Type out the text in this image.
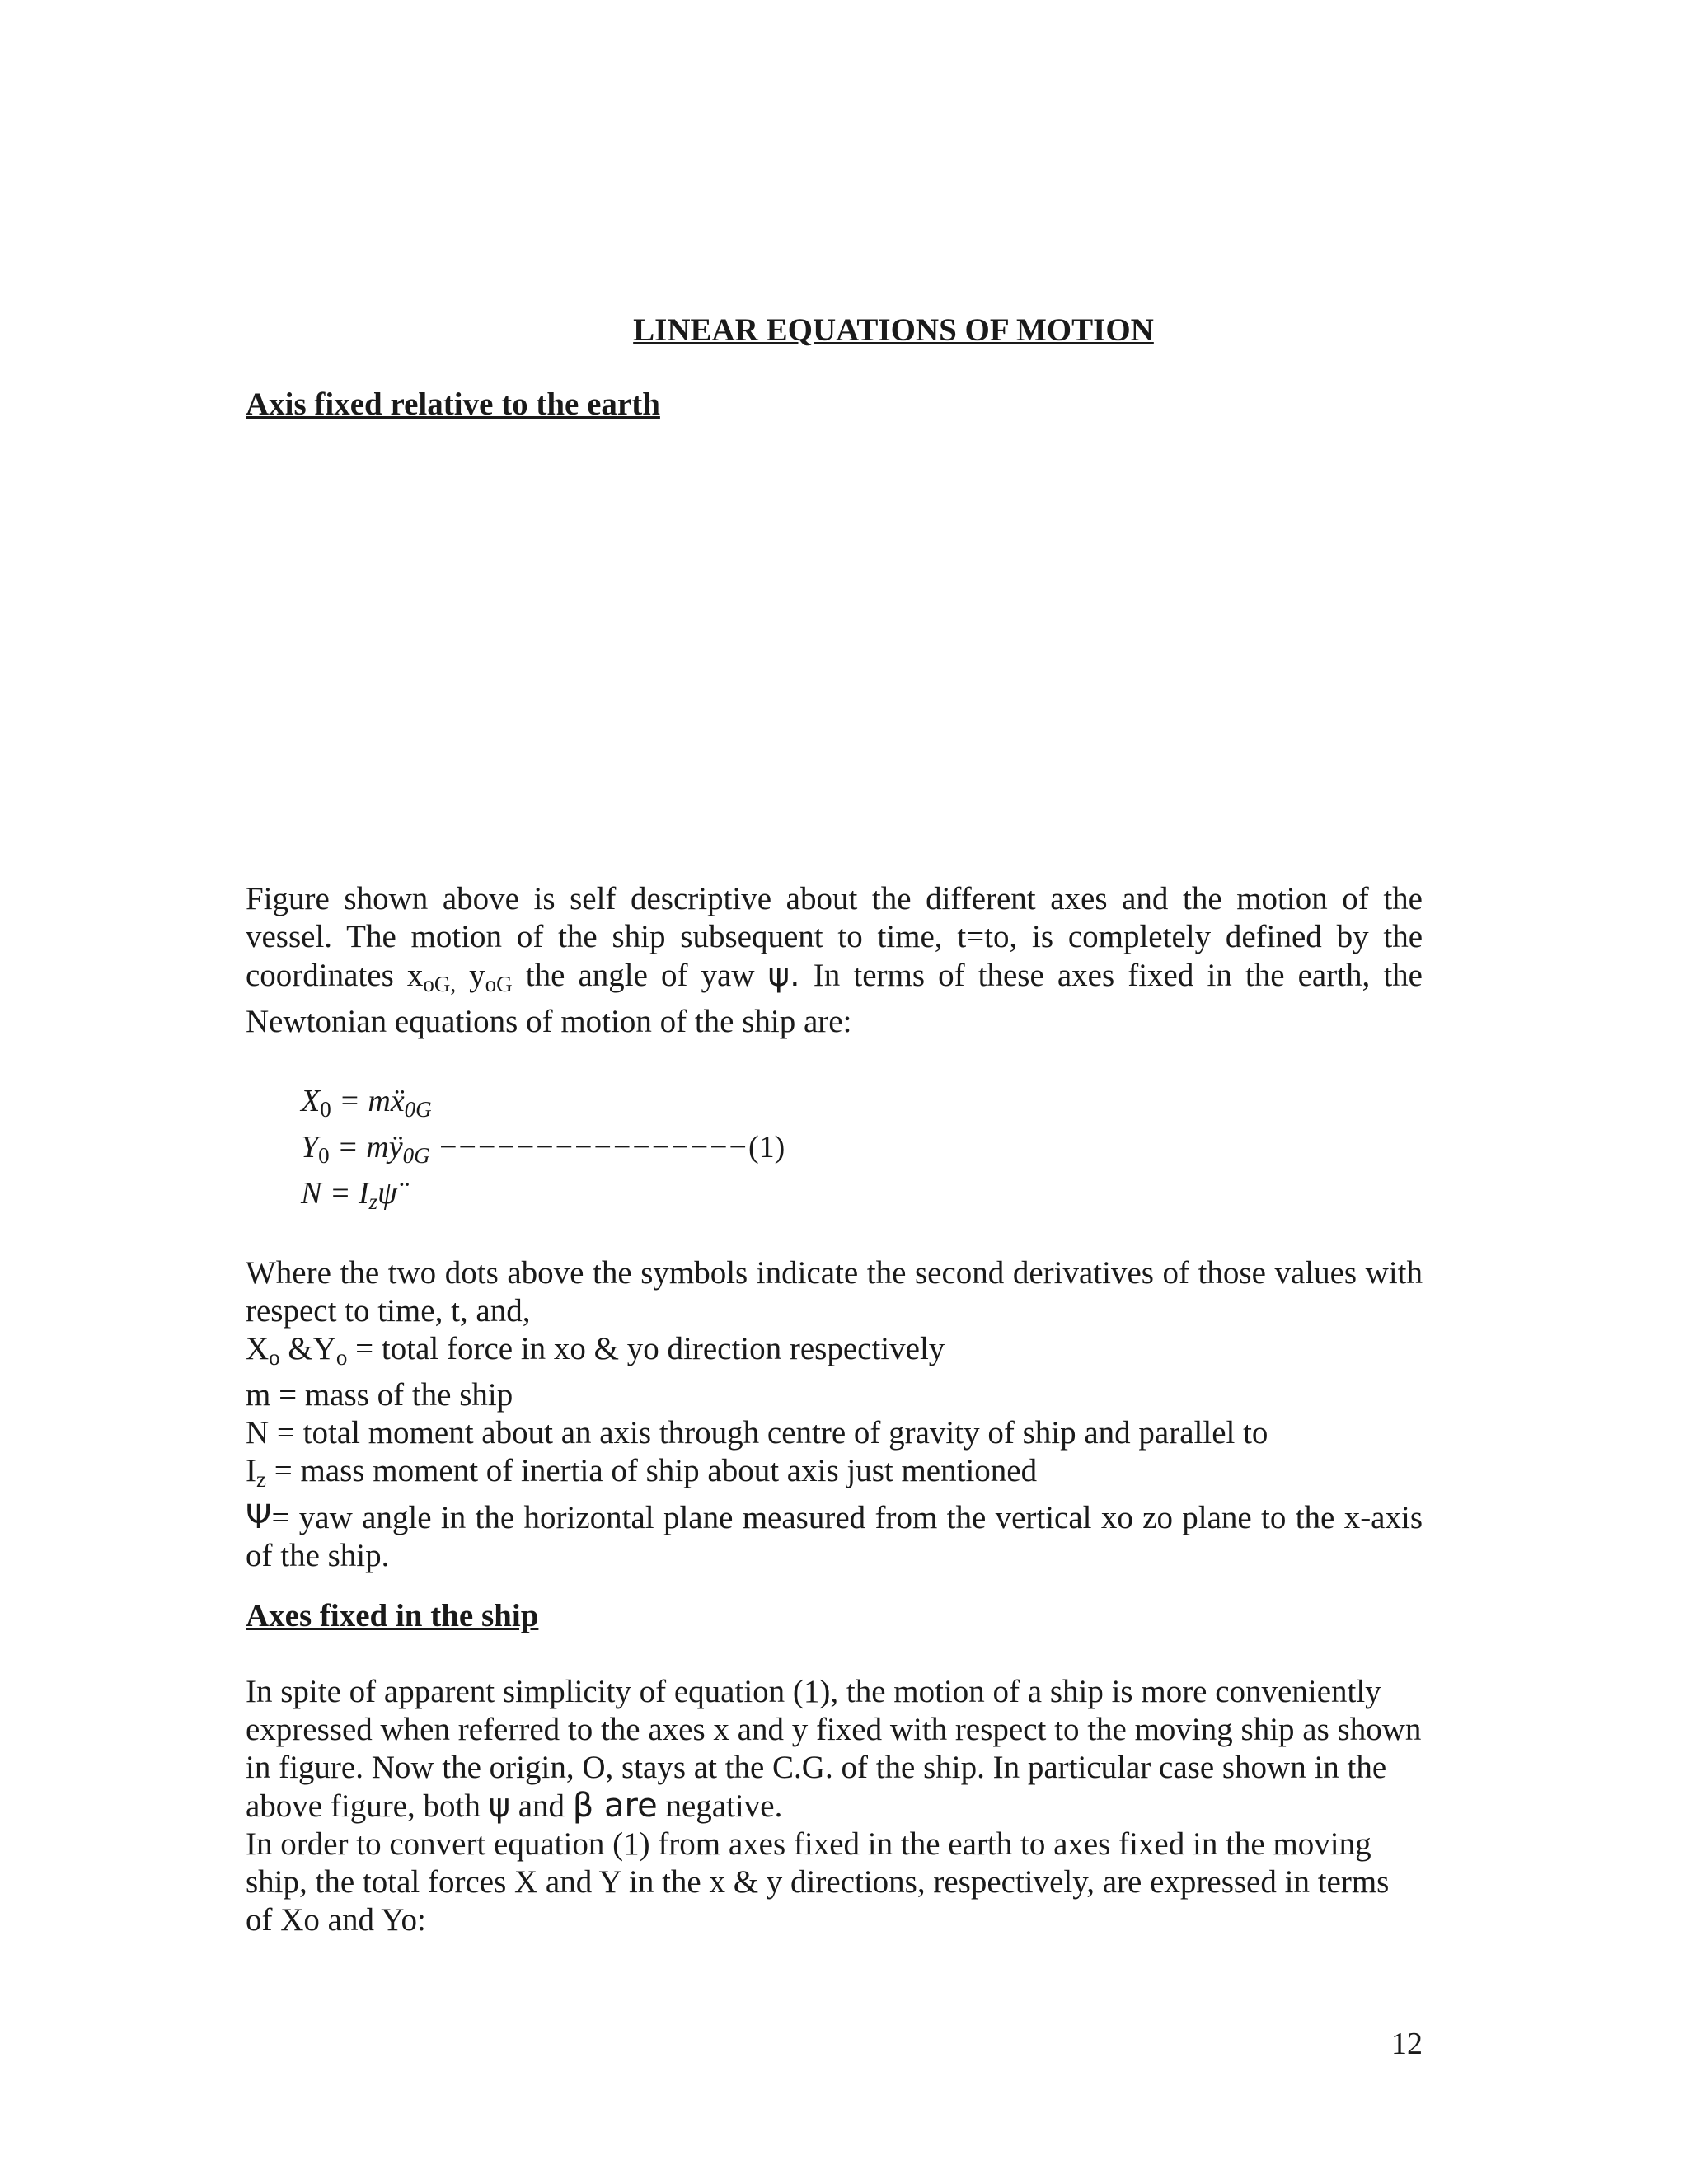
LINEAR EQUATIONS OF MOTION
Axis fixed relative to the earth
Figure shown above is self descriptive about the different axes and the motion of the vessel. The motion of the ship subsequent to time, t=to, is completely defined by the coordinates $x_{oG,}$ $y_{oG}$ the angle of yaw ψ. In terms of these axes fixed in the earth, the Newtonian equations of motion of the ship are:
$X_0$ = mẍ$_{0G}$
$Y_0$ = $mÿ_{0G} ----------------(1)$
$N = I_z\psï$
Where the two dots above the symbols indicate the second derivatives of those values with respect to time, t, and,
$X_o$ $\&Y_o$ = total force in xo & yo direction respectively
m = mass of the ship
N = total moment about an axis through centre of gravity of ship and parallel to
$I_z$ = mass moment of inertia of ship about axis just mentioned
Ψ= yaw angle in the horizontal plane measured from the vertical xo zo plane to the x-axis of the ship.
Axes fixed in the ship
In spite of apparent simplicity of equation (1), the motion of a ship is more conveniently expressed when referred to the axes x and y fixed with respect to the moving ship as shown in figure. Now the origin, O, stays at the C.G. of the ship. In particular case shown in the above figure, both ψ and β are negative.
In order to convert equation (1) from axes fixed in the earth to axes fixed in the moving ship, the total forces X and Y in the x & y directions, respectively, are expressed in terms of Xo and Yo:
12
